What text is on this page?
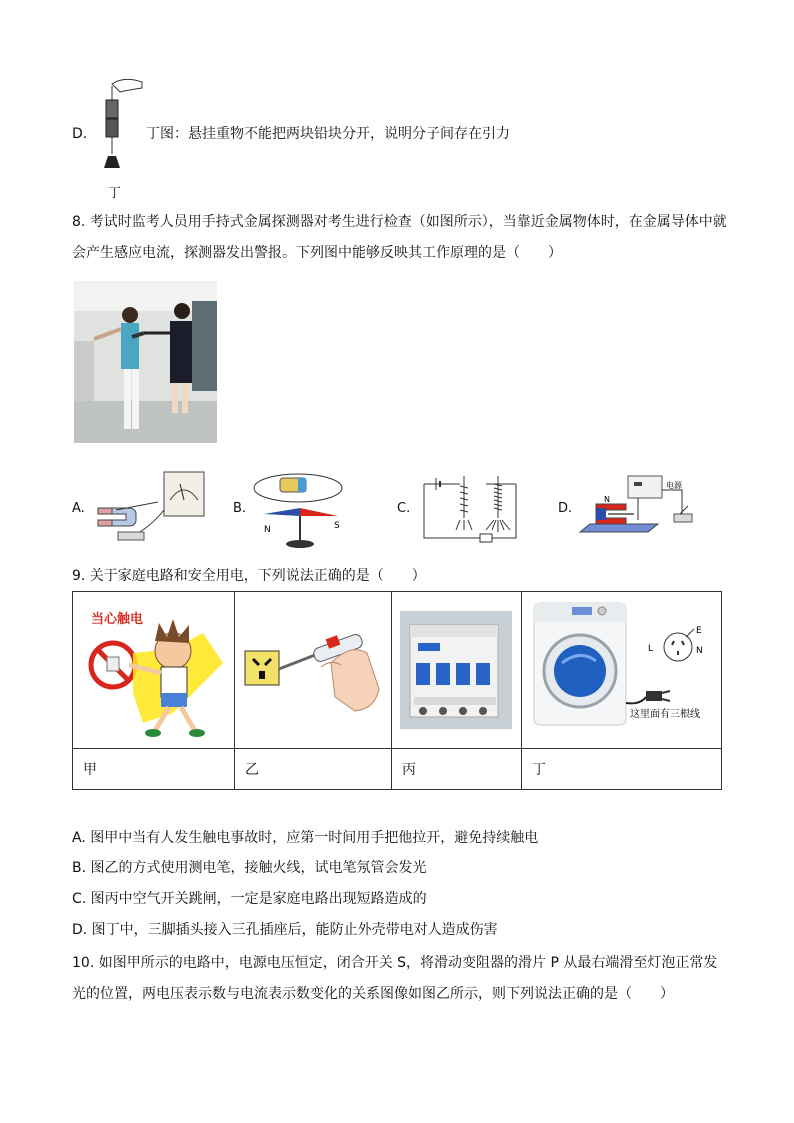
丁
D.	丁图：悬挂重物不能把两块铅块分开，说明分子间存在引力
8. 考试时监考人员用手持式金属探测器对考生进行检查（如图所示），当靠近金属物体时，在金属导体中就
会产生感应电流，探测器发出警报。下列图中能够反映其工作原理的是（　　）
A.	B.
N	S
C.	D.
电源
N
9. 关于家庭电路和安全用电，下列说法正确的是（　　）
当心触电			L
E
N
这里面有三根线

甲	乙	丙	丁
A. 图甲中当有人发生触电事故时，应第一时间用手把他拉开，避免持续触电
B. 图乙的方式使用测电笔，接触火线，试电笔氖管会发光
C. 图丙中空气开关跳闸，一定是家庭电路出现短路造成的
D. 图丁中，三脚插头接入三孔插座后，能防止外壳带电对人造成伤害
10. 如图甲所示的电路中，电源电压恒定，闭合开关 S，将滑动变阻器的滑片 P 从最右端滑至灯泡正常发
光的位置，两电压表示数与电流表示数变化的关系图像如图乙所示，则下列说法正确的是（　　）
